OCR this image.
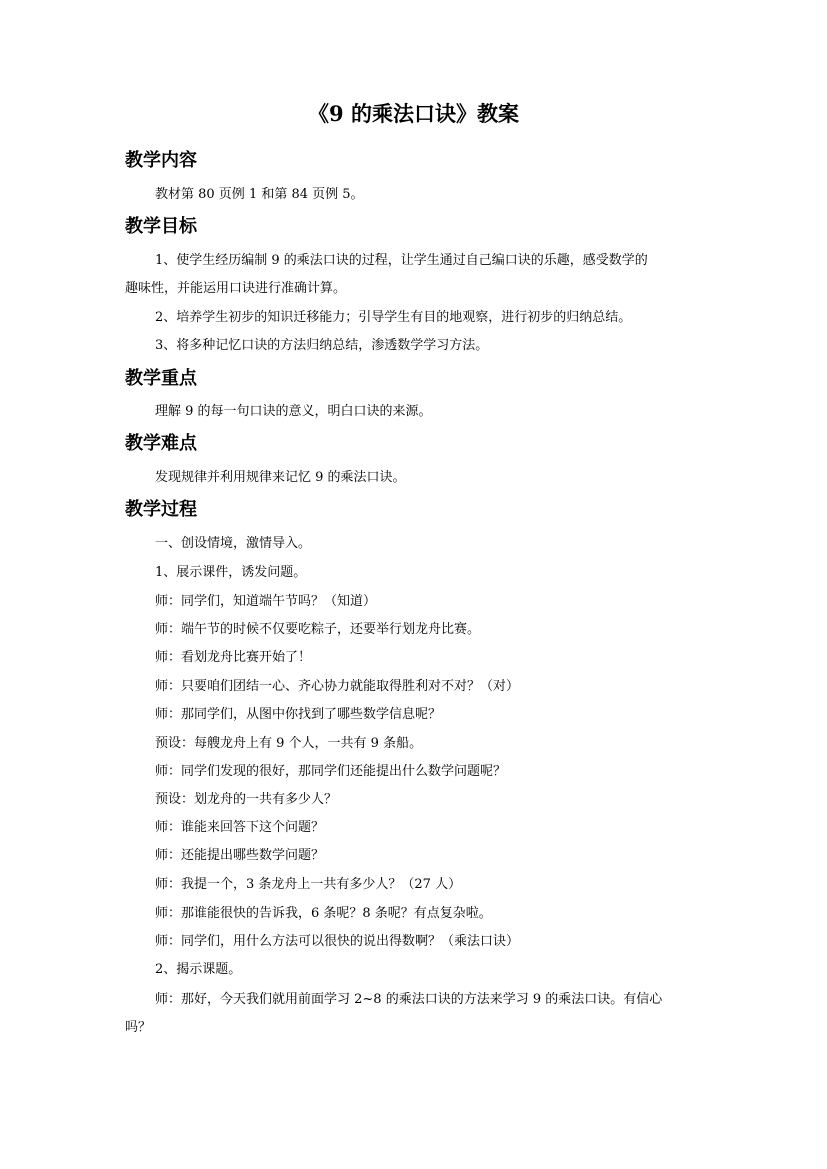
《9 的乘法口诀》教案
教学内容
教材第 80 页例 1 和第 84 页例 5。
教学目标
1、使学生经历编制 9 的乘法口诀的过程，让学生通过自己编口诀的乐趣，感受数学的
趣味性，并能运用口诀进行准确计算。
2、培养学生初步的知识迁移能力；引导学生有目的地观察，进行初步的归纳总结。
3、将多种记忆口诀的方法归纳总结，渗透数学学习方法。
教学重点
理解 9 的每一句口诀的意义，明白口诀的来源。
教学难点
发现规律并利用规律来记忆 9 的乘法口诀。
教学过程
一、创设情境，激情导入。
1、展示课件，诱发问题。
师：同学们，知道端午节吗？（知道）
师：端午节的时候不仅要吃粽子，还要举行划龙舟比赛。
师：看划龙舟比赛开始了！
师：只要咱们团结一心、齐心协力就能取得胜利对不对？（对）
师：那同学们，从图中你找到了哪些数学信息呢？
预设：每艘龙舟上有 9 个人，一共有 9 条船。
师：同学们发现的很好，那同学们还能提出什么数学问题呢？
预设：划龙舟的一共有多少人？
师：谁能来回答下这个问题？
师：还能提出哪些数学问题？
师：我提一个，3 条龙舟上一共有多少人？（27 人）
师：那谁能很快的告诉我，6 条呢？8 条呢？有点复杂啦。
师：同学们，用什么方法可以很快的说出得数啊？（乘法口诀）
2、揭示课题。
师：那好，今天我们就用前面学习 2~8 的乘法口诀的方法来学习 9 的乘法口诀。有信心
吗？
